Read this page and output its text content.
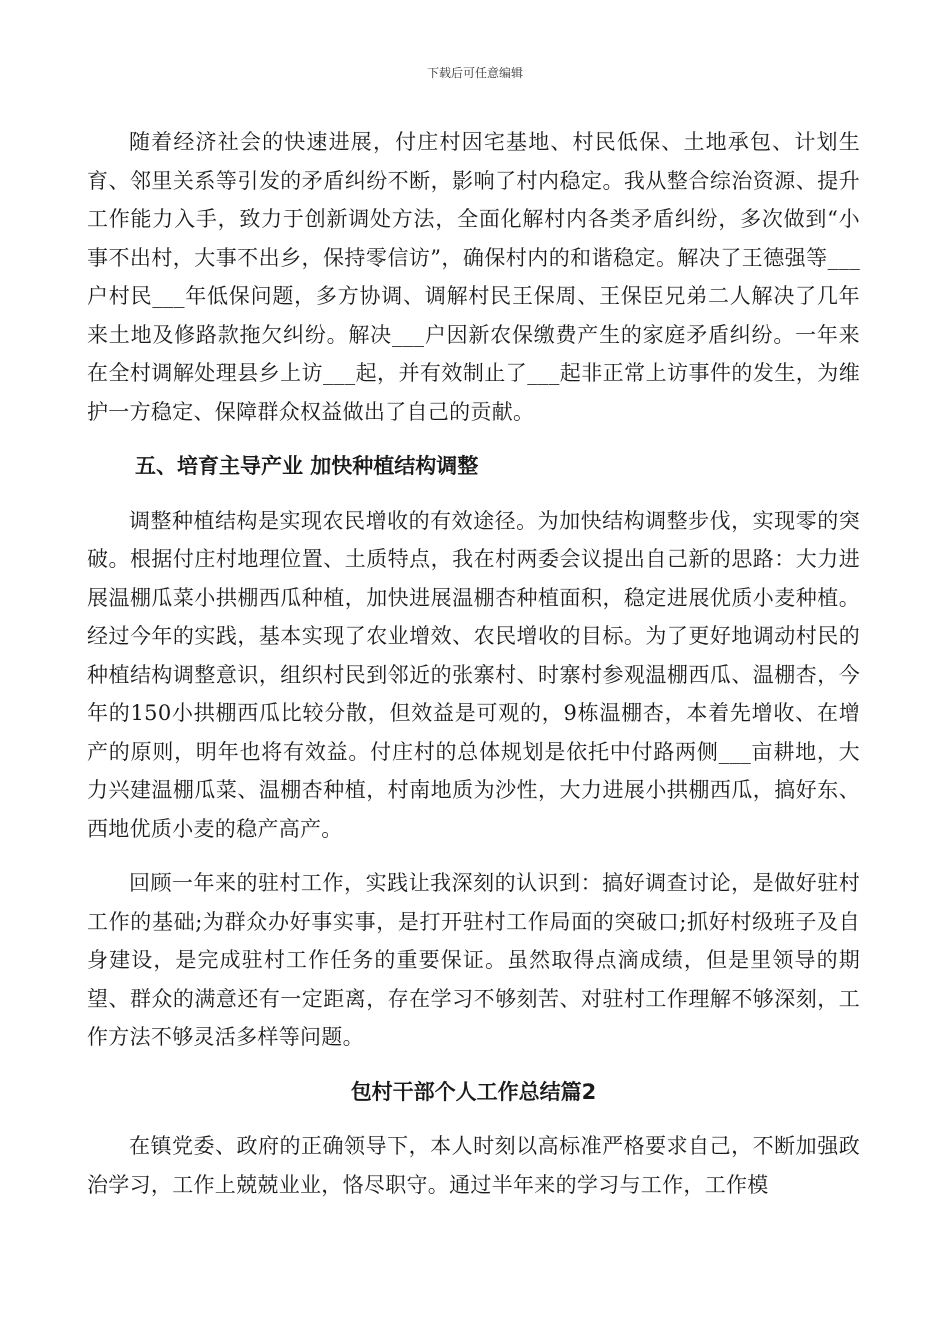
下载后可任意编辑

随着经济社会的快速进展，付庄村因宅基地、村民低保、土地承包、计划生育、邻里关系等引发的矛盾纠纷不断，影响了村内稳定。我从整合综治资源、提升工作能力入手，致力于创新调处方法，全面化解村内各类矛盾纠纷，多次做到“小事不出村，大事不出乡，保持零信访”，确保村内的和谐稳定。解决了王德强等___户村民___年低保问题，多方协调、调解村民王保周、王保臣兄弟二人解决了几年来土地及修路款拖欠纠纷。解决___户因新农保缴费产生的家庭矛盾纠纷。一年来在全村调解处理县乡上访___起，并有效制止了___起非正常上访事件的发生，为维护一方稳定、保障群众权益做出了自己的贡献。

五、培育主导产业 加快种植结构调整

调整种植结构是实现农民增收的有效途径。为加快结构调整步伐，实现零的突破。根据付庄村地理位置、土质特点，我在村两委会议提出自己新的思路：大力进展温棚瓜菜小拱棚西瓜种植，加快进展温棚杏种植面积，稳定进展优质小麦种植。经过今年的实践，基本实现了农业增效、农民增收的目标。为了更好地调动村民的种植结构调整意识，组织村民到邻近的张寨村、时寨村参观温棚西瓜、温棚杏，今年的150小拱棚西瓜比较分散，但效益是可观的，9栋温棚杏，本着先增收、在增产的原则，明年也将有效益。付庄村的总体规划是依托中付路两侧___亩耕地，大力兴建温棚瓜菜、温棚杏种植，村南地质为沙性，大力进展小拱棚西瓜，搞好东、西地优质小麦的稳产高产。

回顾一年来的驻村工作，实践让我深刻的认识到：搞好调查讨论，是做好驻村工作的基础;为群众办好事实事，是打开驻村工作局面的突破口;抓好村级班子及自身建设，是完成驻村工作任务的重要保证。虽然取得点滴成绩，但是里领导的期望、群众的满意还有一定距离，存在学习不够刻苦、对驻村工作理解不够深刻，工作方法不够灵活多样等问题。

包村干部个人工作总结篇2

在镇党委、政府的正确领导下，本人时刻以高标准严格要求自己，不断加强政治学习，工作上兢兢业业，恪尽职守。通过半年来的学习与工作，工作模
